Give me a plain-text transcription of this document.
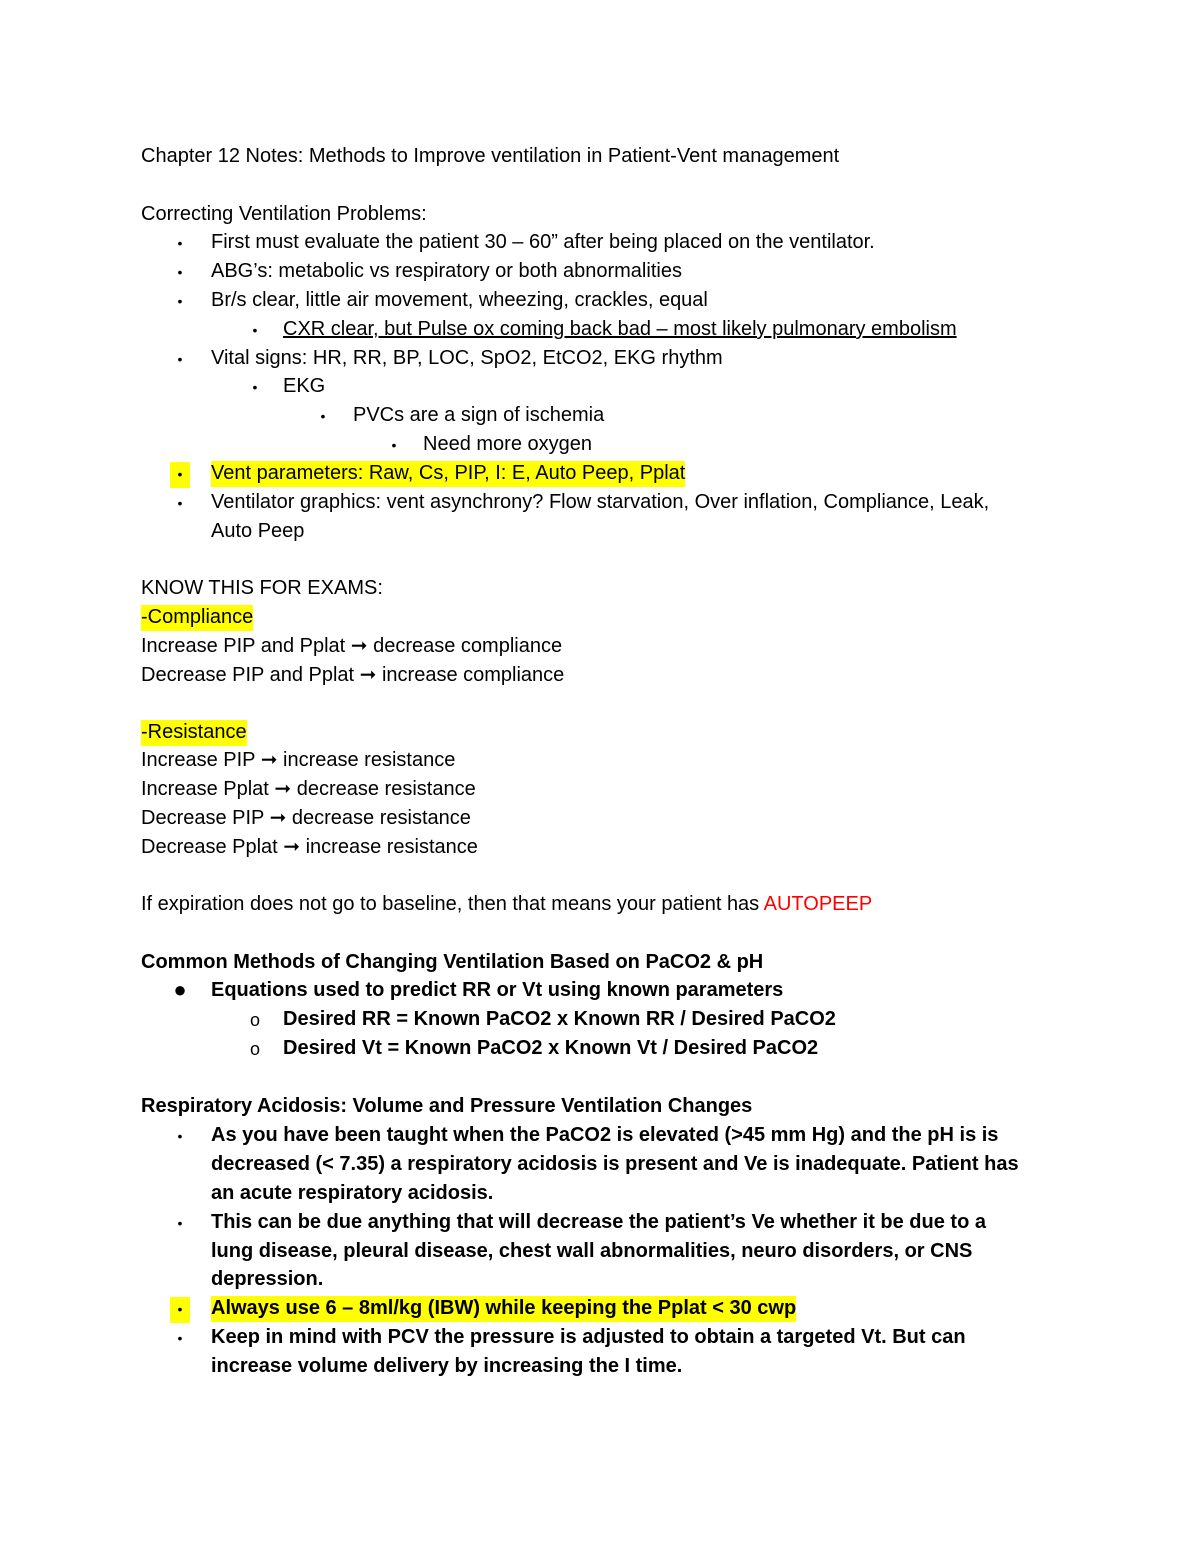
Chapter 12 Notes: Methods to Improve ventilation in Patient-Vent management
Correcting Ventilation Problems:
•	First must evaluate the patient 30 – 60” after being placed on the ventilator.
•	ABG’s: metabolic vs respiratory or both abnormalities
•	Br/s clear, little air movement, wheezing, crackles, equal
•	CXR clear, but Pulse ox coming back bad – most likely pulmonary embolism
•	Vital signs: HR, RR, BP, LOC, SpO2, EtCO2, EKG rhythm
•	EKG
•	PVCs are a sign of ischemia
•	Need more oxygen
•	Vent parameters: Raw, Cs, PIP, I: E, Auto Peep, Pplat
•	Ventilator graphics: vent asynchrony? Flow starvation, Over inflation, Compliance, Leak,
Auto Peep
KNOW THIS FOR EXAMS:
-Compliance
Increase PIP and Pplat ➞ decrease compliance
Decrease PIP and Pplat ➞ increase compliance
-Resistance
Increase PIP ➞ increase resistance
Increase Pplat ➞ decrease resistance
Decrease PIP ➞ decrease resistance
Decrease Pplat ➞ increase resistance
If expiration does not go to baseline, then that means your patient has AUTOPEEP
Common Methods of Changing Ventilation Based on PaCO2 & pH
● Equations used to predict RR or Vt using known parameters
o Desired RR = Known PaCO2 x Known RR / Desired PaCO2
o Desired Vt = Known PaCO2 x Known Vt / Desired PaCO2
Respiratory Acidosis: Volume and Pressure Ventilation Changes
•	As you have been taught when the PaCO2 is elevated (>45 mm Hg) and the pH is is
decreased (< 7.35) a respiratory acidosis is present and Ve is inadequate. Patient has
an acute respiratory acidosis.
•	This can be due anything that will decrease the patient’s Ve whether it be due to a
lung disease, pleural disease, chest wall abnormalities, neuro disorders, or CNS
depression.
•	Always use 6 – 8ml/kg (IBW) while keeping the Pplat < 30 cwp
•	Keep in mind with PCV the pressure is adjusted to obtain a targeted Vt. But can
increase volume delivery by increasing the I time.
